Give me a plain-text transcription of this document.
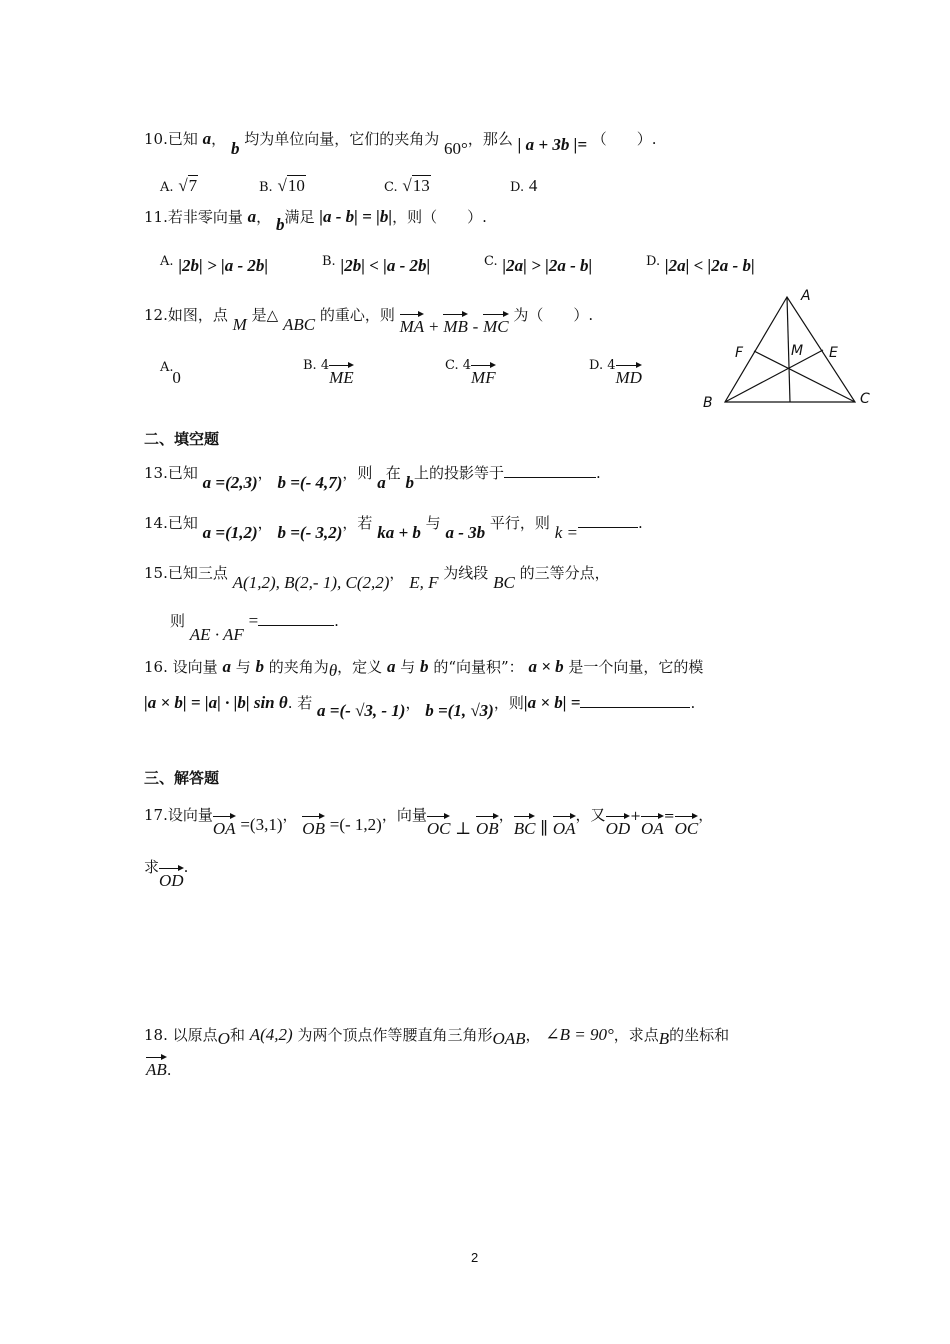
10.已知 a， b 均为单位向量，它们的夹角为 60°，那么 | a + 3b |= （　　）.
A. √7	B. √10	C. √13	D. 4
11.若非零向量 a， b满足 |a - b| = |b|，则（　　）.
A. |2b| > |a - 2b|	B. |2b| < |a - 2b|	C. |2a| > |2a - b|	D. |2a| < |2a - b|
12.如图，点 M 是△ ABC 的重心，则 MA + MB - MC 为（　　）.
A. 0
B. 4ME
C. 4MF
D. 4MD
A
B	C
E
F	M
二、填空题
13.已知 a =(2,3)， b =(- 4,7)，则 a在 b上的投影等于	.
14.已知 a =(1,2)， b =(- 3,2)，若 ka + b 与 a - 3b 平行，则 k =	.
15.已知三点 A(1,2), B(2,- 1), C(2,2)， E, F 为线段 BC 的三等分点，
则 AE · AF =	.
16. 设向量 a 与 b 的夹角为θ，定义 a 与 b 的“向量积”： a × b 是一个向量，它的模
|a × b| = |a| · |b| sin θ. 若 a =(- √3, - 1)， b =(1, √3)，则|a × b| =	.
三、解答题
17.设向量OA =(3,1)， OB =(- 1,2)，向量OC ⊥ OB，BC ∥ OA，又OD+OA=OC，
求OD.
18. 以原点O和 A(4,2) 为两个顶点作等腰直角三角形OAB， ∠B = 90°，求点B的坐标和
AB.
2
